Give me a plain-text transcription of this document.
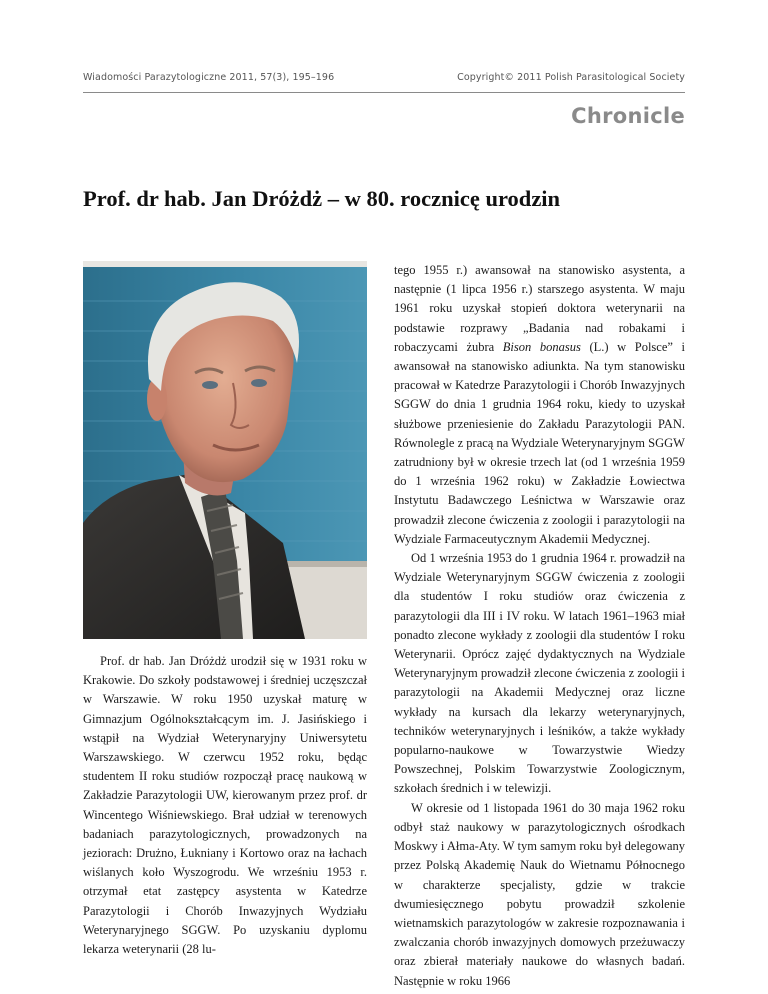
Wiadomości Parazytologiczne 2011, 57(3), 195–196	Copyright© 2011 Polish Parasitological Society
Chronicle
Prof. dr hab. Jan Dróżdż – w 80. rocznicę urodzin

Prof. dr hab. Jan Dróżdż urodził się w 1931 roku w Krakowie. Do szkoły podstawowej i średniej uczęszczał w Warszawie. W roku 1950 uzyskał maturę w Gimnazjum Ogólnokształcącym im. J. Jasińskiego i wstąpił na Wydział Weterynaryjny Uniwersytetu Warszawskiego. W czerwcu 1952 roku, będąc studentem II roku studiów rozpoczął pracę naukową w Zakładzie Parazytologii UW, kierowanym przez prof. dr Wincentego Wiśniewskiego. Brał udział w terenowych badaniach parazytologicznych, prowadzonych na jeziorach: Drużno, Łukniany i Kortowo oraz na łachach wiślanych koło Wyszogrodu. We wrześniu 1953 r. otrzymał etat zastępcy asystenta w Katedrze Parazytologii i Chorób Inwazyjnych Wydziału Weterynaryjnego SGGW. Po uzyskaniu dyplomu lekarza weterynarii (28 lu-

tego 1955 r.) awansował na stanowisko asystenta, a następnie (1 lipca 1956 r.) starszego asystenta. W maju 1961 roku uzyskał stopień doktora weterynarii na podstawie rozprawy „Badania nad robakami i robaczycami żubra Bison bonasus (L.) w Polsce” i awansował na stanowisko adiunkta. Na tym stanowisku pracował w Katedrze Parazytologii i Chorób Inwazyjnych SGGW do dnia 1 grudnia 1964 roku, kiedy to uzyskał służbowe przeniesienie do Zakładu Parazytologii PAN. Równolegle z pracą na Wydziale Weterynaryjnym SGGW zatrudniony był w okresie trzech lat (od 1 września 1959 do 1 września 1962 roku) w Zakładzie Łowiectwa Instytutu Badawczego Leśnictwa w Warszawie oraz prowadził zlecone ćwiczenia z zoologii i parazytologii na Wydziale Farmaceutycznym Akademii Medycznej.

Od 1 września 1953 do 1 grudnia 1964 r. prowadził na Wydziale Weterynaryjnym SGGW ćwiczenia z zoologii dla studentów I roku studiów oraz ćwiczenia z parazytologii dla III i IV roku. W latach 1961–1963 miał ponadto zlecone wykłady z zoologii dla studentów I roku Weterynarii. Oprócz zajęć dydaktycznych na Wydziale Weterynaryjnym prowadził zlecone ćwiczenia z zoologii i parazytologii na Akademii Medycznej oraz liczne wykłady na kursach dla lekarzy weterynaryjnych, techników weterynaryjnych i leśników, a także wykłady popularno-naukowe w Towarzystwie Wiedzy Powszechnej, Polskim Towarzystwie Zoologicznym, szkołach średnich i w telewizji.

W okresie od 1 listopada 1961 do 30 maja 1962 roku odbył staż naukowy w parazytologicznych ośrodkach Moskwy i Ałma-Aty. W tym samym roku był delegowany przez Polską Akademię Nauk do Wietnamu Północnego w charakterze specjalisty, gdzie w trakcie dwumiesięcznego pobytu prowadził szkolenie wietnamskich parazytologów w zakresie rozpoznawania i zwalczania chorób inwazyjnych domowych przeżuwaczy oraz zbierał materiały naukowe do własnych badań. Następnie w roku 1966
